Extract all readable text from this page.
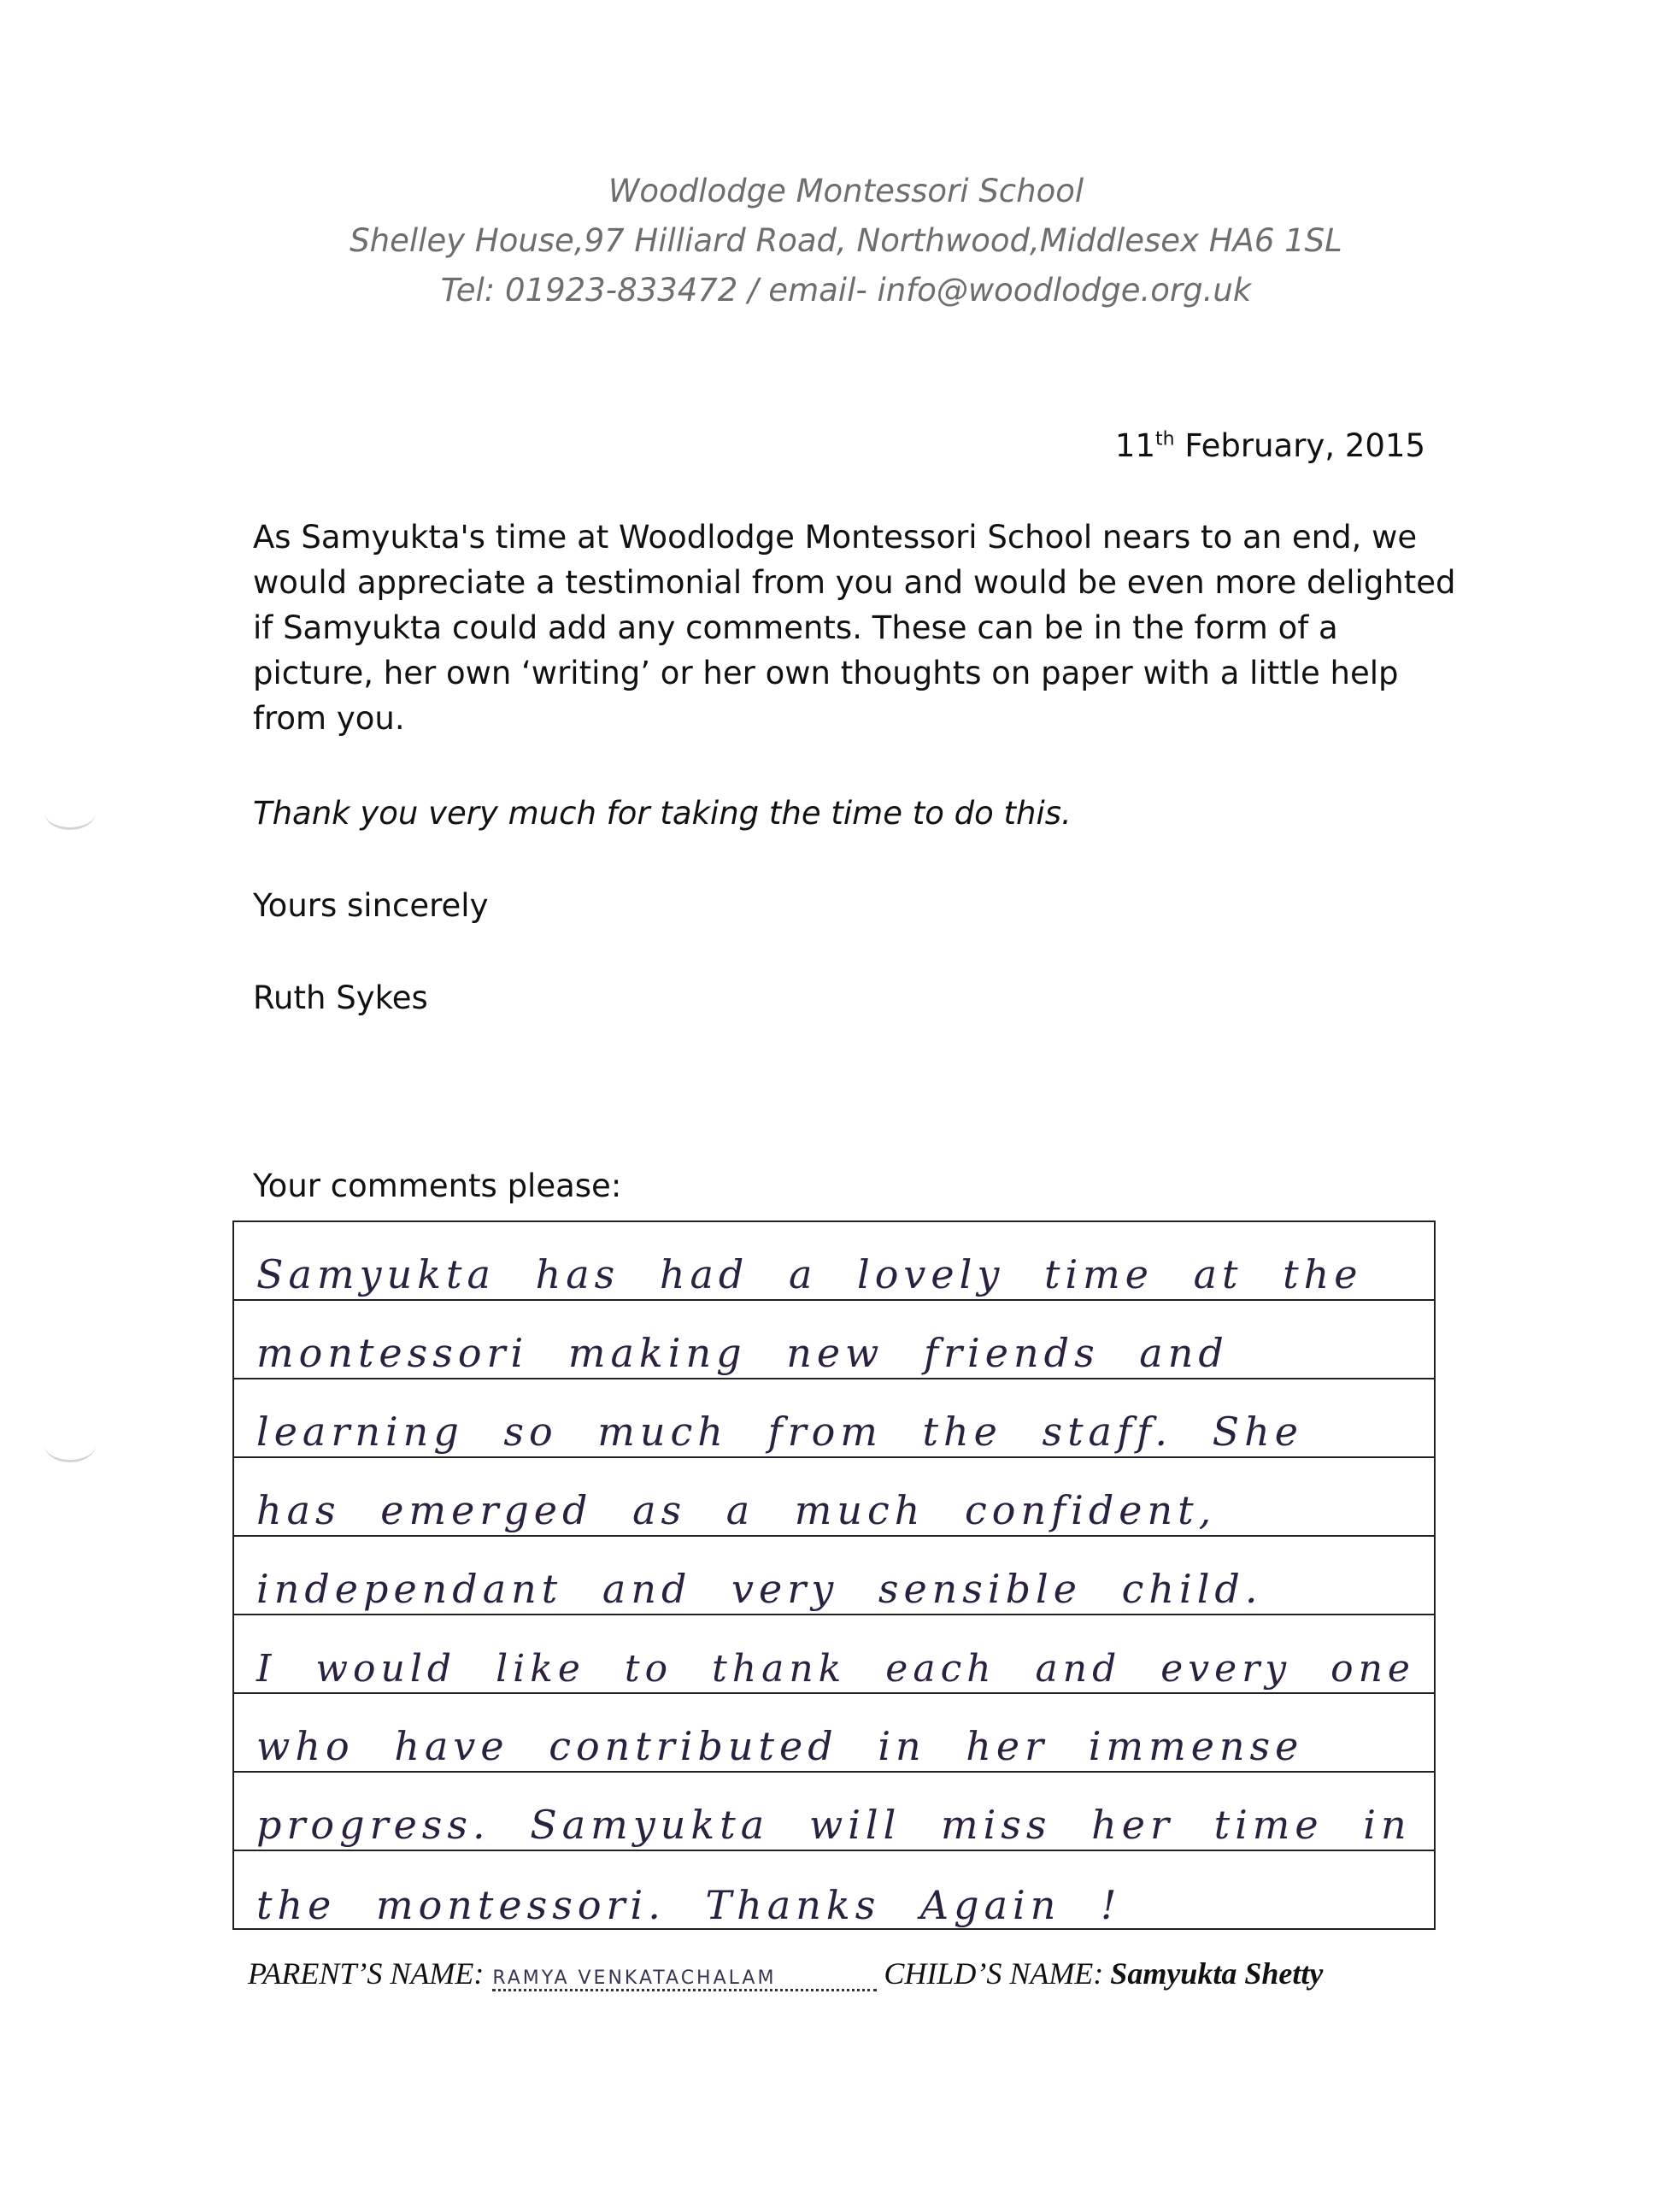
Woodlodge Montessori School
Shelley House,97 Hilliard Road, Northwood,Middlesex HA6 1SL
Tel: 01923-833472 / email- info@woodlodge.org.uk
11th February, 2015
As Samyukta's time at Woodlodge Montessori School nears to an end, we would appreciate a testimonial from you and would be even more delighted if Samyukta could add any comments. These can be in the form of a picture, her own ‘writing’ or her own thoughts on paper with a little help from you.
Thank you very much for taking the time to do this.
Yours sincerely
Ruth Sykes
Your comments please:
Samyukta has had a lovely time at the
montessori making new friends and
learning so much from the staff. She
has emerged as a much confident,
independant and very sensible child.
I would like to thank each and every one
who have contributed in her immense
progress. Samyukta will miss her time in
the montessori. Thanks Again !
PARENT’S NAME: RAMYA VENKATACHALAM	CHILD’S NAME: Samyukta Shetty
